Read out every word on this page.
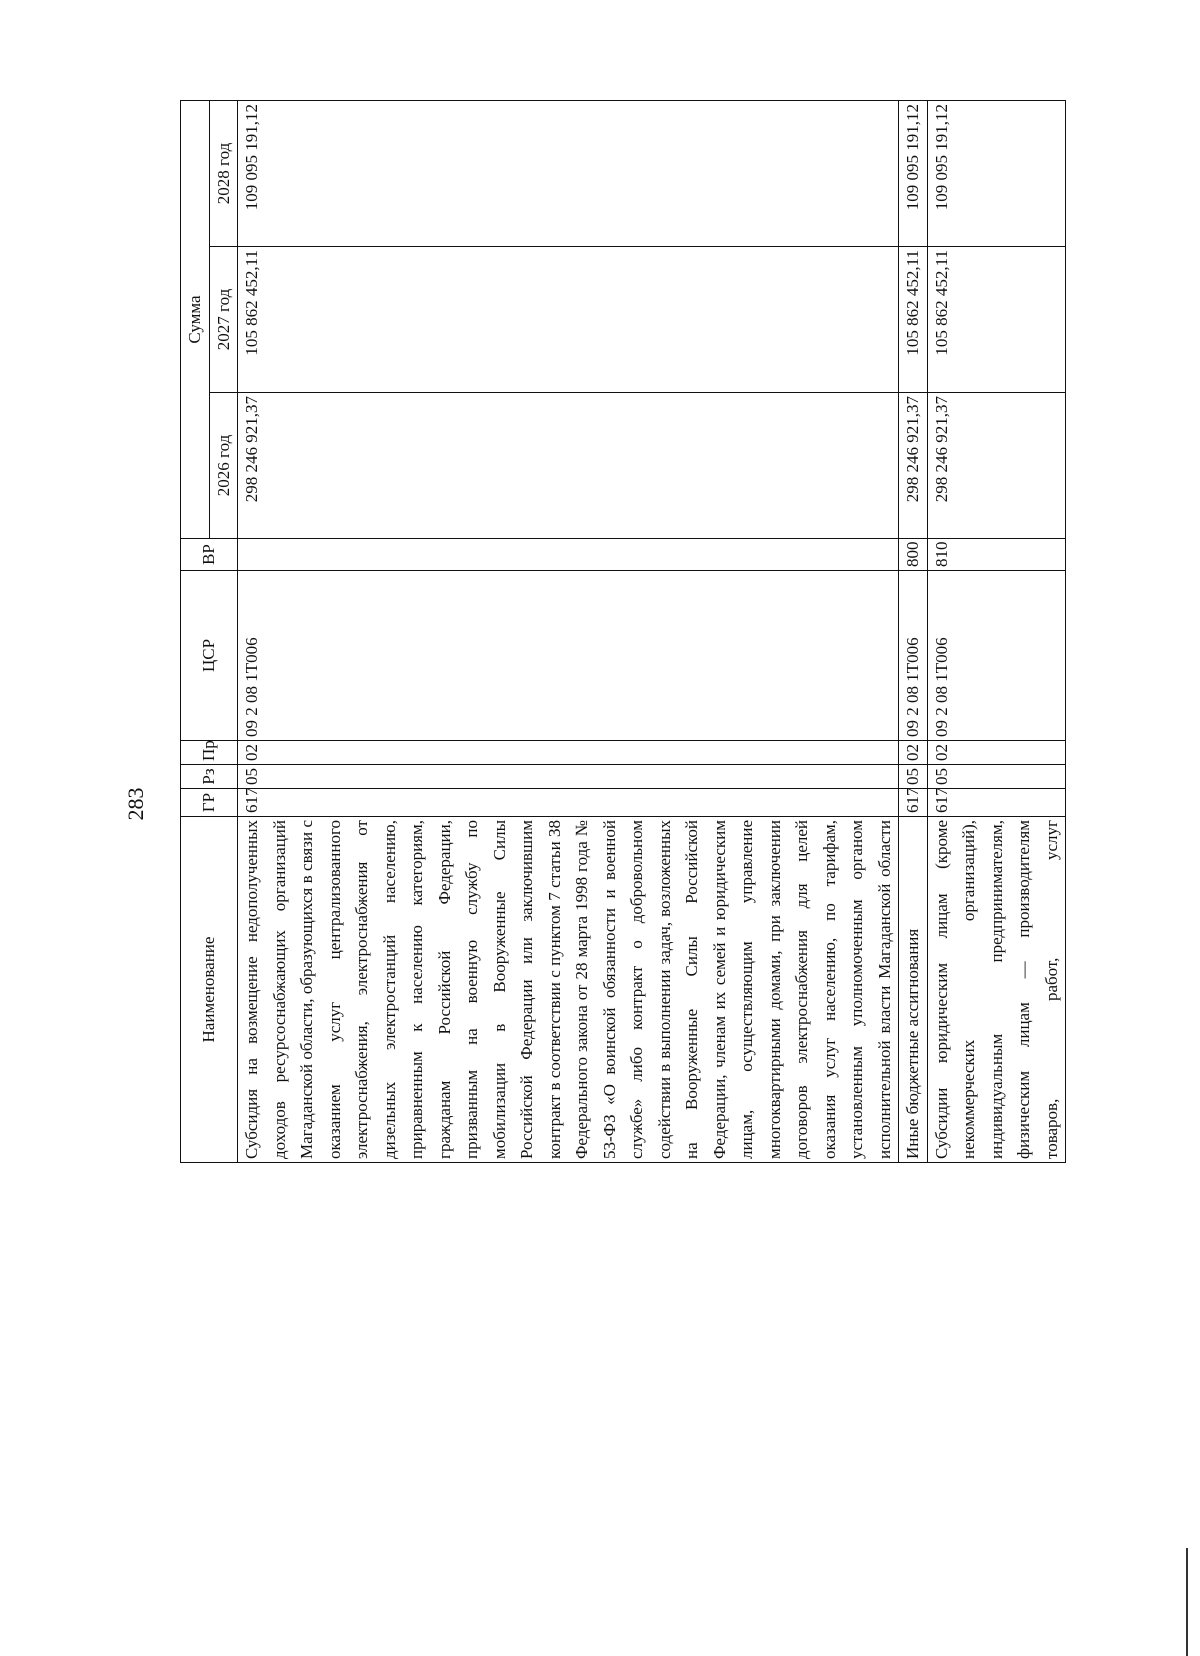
283
Наименование	ГР	Рз	Пр	ЦСР	ВР	Сумма		
						2026 год	2027 год	2028 год
Субсидия на возмещение недополученных доходов ресурсоснабжающих организаций Магаданской области, образующихся в связи с оказанием услуг централизованного электроснабжения, электроснабжения от дизельных электростанций населению, приравненным к населению категориям, гражданам Российской Федерации, призванным на военную службу по мобилизации в Вооруженные Силы Российской Федерации или заключившим контракт в соответствии с пунктом 7 статьи 38 Федерального закона от 28 марта 1998 года № 53-ФЗ «О воинской обязанности и военной службе» либо контракт о добровольном содействии в выполнении задач, возложенных на Вооруженные Силы Российской Федерации, членам их семей и юридическим лицам, осуществляющим управление многоквартирными домами, при заключении договоров электроснабжения для целей оказания услуг населению, по тарифам, установленным уполномоченным органом исполнительной власти Магаданской области	617	05	02	09 2 08 1Т006		298 246 921,37	105 862 452,11	109 095 191,12
Иные бюджетные ассигнования	617	05	02	09 2 08 1Т006	800	298 246 921,37	105 862 452,11	109 095 191,12
Субсидии юридическим лицам (кроме некоммерческих организаций), индивидуальным предпринимателям, физическим лицам — производителям товаров, работ, услуг	617	05	02	09 2 08 1Т006	810	298 246 921,37	105 862 452,11	109 095 191,12
